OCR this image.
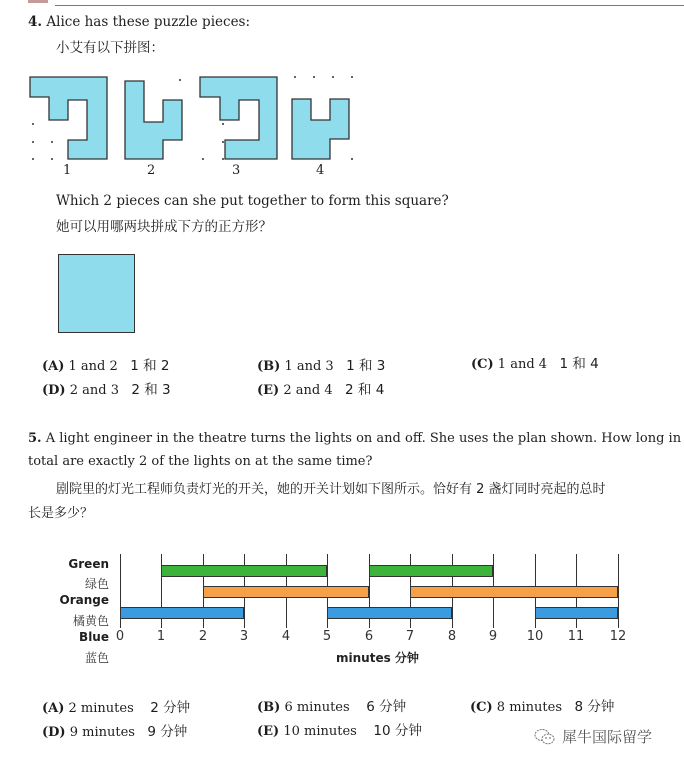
4. Alice has these puzzle pieces:
小艾有以下拼图：
1	2	3	4
Which 2 pieces can she put together to form this square?
她可以用哪两块拼成下方的正方形？
(A) 1 and 2 1 和 2	(B) 1 and 3 1 和 3	(C) 1 and 4 1 和 4
(D) 2 and 3 2 和 3	(E) 2 and 4 2 和 4
5. A light engineer in the theatre turns the lights on and off. She uses the plan shown. How long in
total are exactly 2 of the lights on at the same time?
剧院里的灯光工程师负责灯光的开关，她的开关计划如下图所示。恰好有 2 盏灯同时亮起的总时
长是多少？
Green
绿色
Orange
橘黄色
Blue
蓝色
0	1	2	3	4	5	6	7	8	9 10 11 12
minutes 分钟
(A) 2 minutes 2 分钟	(B) 6 minutes 6 分钟	(C) 8 minutes 8 分钟
(D) 9 minutes 9 分钟	(E) 10 minutes 10 分钟	犀牛国际留学
